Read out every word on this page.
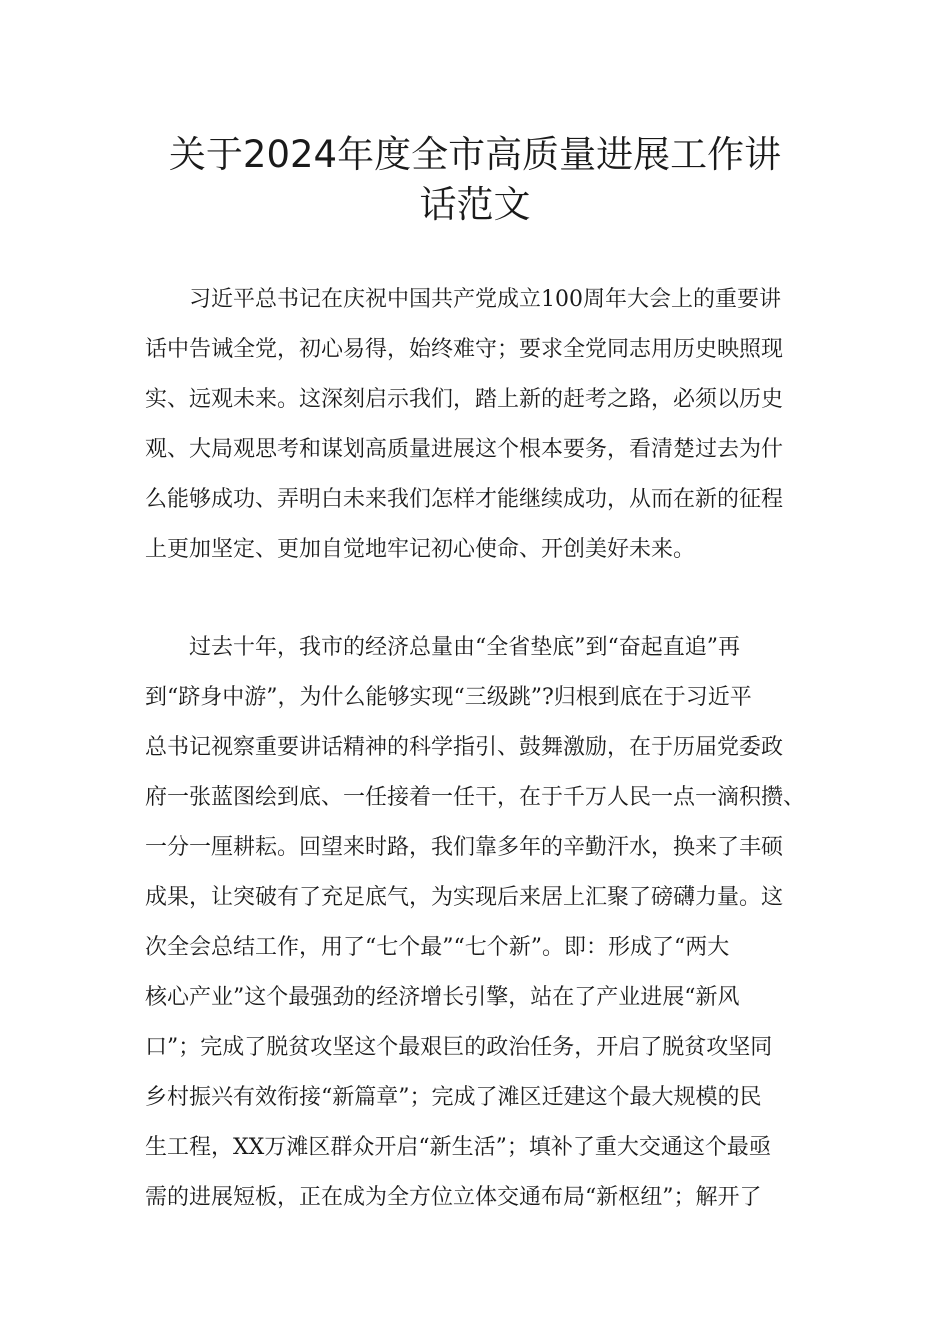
关于2024年度全市高质量进展工作讲
话范文

习近平总书记在庆祝中国共产党成立100周年大会上的重要讲

话中告诫全党，初心易得，始终难守；要求全党同志用历史映照现

实、远观未来。这深刻启示我们，踏上新的赶考之路，必须以历史

观、大局观思考和谋划高质量进展这个根本要务，看清楚过去为什

么能够成功、弄明白未来我们怎样才能继续成功，从而在新的征程

上更加坚定、更加自觉地牢记初心使命、开创美好未来。

过去十年，我市的经济总量由“全省垫底”到“奋起直追”再

到“跻身中游”，为什么能够实现“三级跳”?归根到底在于习近平

总书记视察重要讲话精神的科学指引、鼓舞激励，在于历届党委政

府一张蓝图绘到底、一任接着一任干，在于千万人民一点一滴积攒、

一分一厘耕耘。回望来时路，我们靠多年的辛勤汗水，换来了丰硕

成果，让突破有了充足底气，为实现后来居上汇聚了磅礴力量。这

次全会总结工作，用了“七个最”“七个新”。即：形成了“两大

核心产业”这个最强劲的经济增长引擎，站在了产业进展“新风

口”；完成了脱贫攻坚这个最艰巨的政治任务，开启了脱贫攻坚同

乡村振兴有效衔接“新篇章”；完成了滩区迁建这个最大规模的民

生工程，XX万滩区群众开启“新生活”；填补了重大交通这个最亟

需的进展短板，正在成为全方位立体交通布局“新枢纽”；解开了
